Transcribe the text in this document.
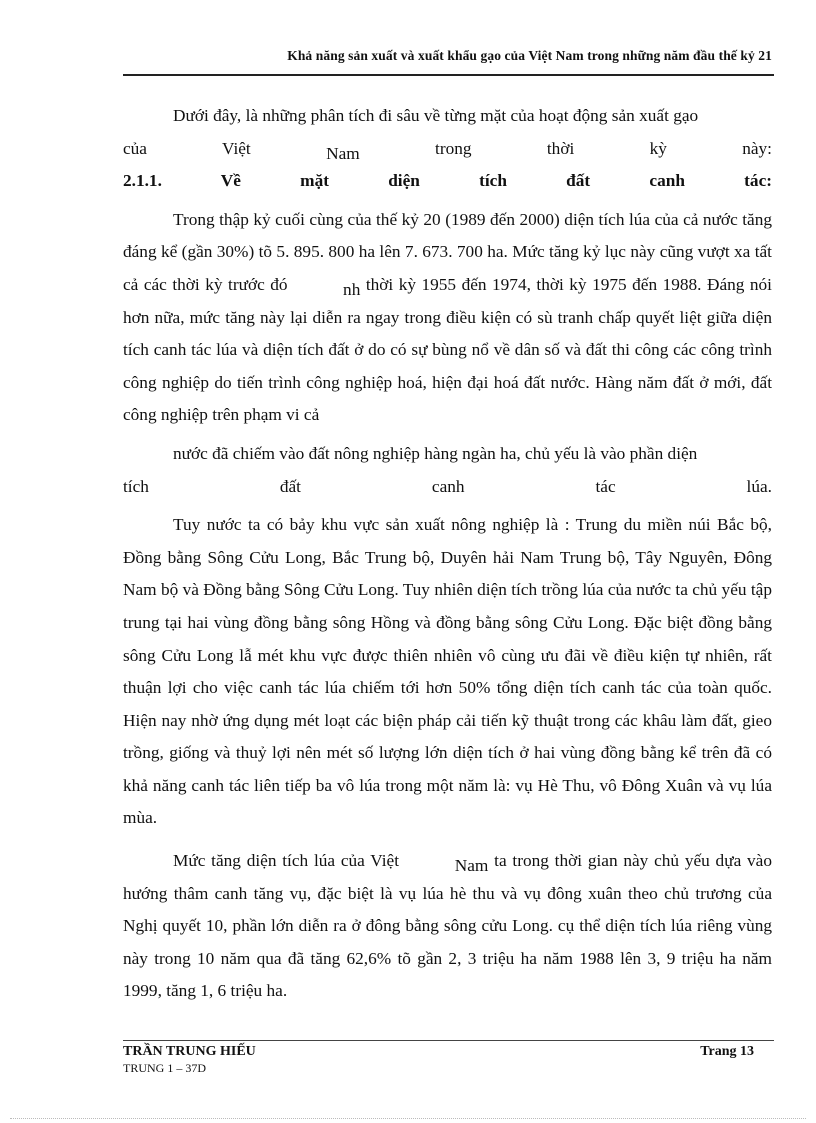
Khả năng sản xuất và xuất khẩu gạo của Việt Nam trong những năm đầu thế kỷ 21

Dưới đây, là những phân tích đi sâu về từng mặt của hoạt động sản xuất gạo

của Việt	Nam	trong thời kỳ này:

2.1.1. Về mặt diện tích đất canh tác:

Trong thập kỷ cuối cùng của thế kỷ 20 (1989 đến 2000) diện tích lúa của cả nước tăng đáng kể (gần 30%) tõ 5. 895. 800 ha lên 7. 673. 700 ha. Mức tăng kỷ lục này cũng vượt xa tất cả các thời kỳ trước đó	nh thời kỳ 1955 đến 1974, thời kỳ 1975 đến 1988. Đáng nói hơn nữa, mức tăng này lại diễn ra ngay trong điều kiện có sù tranh chấp quyết liệt giữa diện tích canh tác lúa và diện tích đất ở do có sự bùng nổ về dân số và đất thi công các công trình công nghiệp do tiến trình công nghiệp hoá, hiện đại hoá đất nước. Hàng năm đất ở mới, đất công nghiệp trên phạm vi cả

nước đã chiếm vào đất nông nghiệp hàng ngàn ha, chủ yếu là vào phần diện

tích đất canh tác lúa.

Tuy nước ta có bảy khu vực sản xuất nông nghiệp là : Trung du miền núi Bắc bộ, Đồng bằng Sông Cửu Long, Bắc Trung bộ, Duyên hải Nam Trung bộ, Tây Nguyên, Đông Nam bộ và Đồng bằng Sông Cửu Long. Tuy nhiên diện tích trồng lúa của nước ta chủ yếu tập trung tại hai vùng đồng bằng sông Hồng và đồng bằng sông Cửu Long. Đặc biệt đồng bằng sông Cửu Long lẫ mét khu vực được thiên nhiên vô cùng ưu đãi về điều kiện tự nhiên, rất thuận lợi cho việc canh tác lúa chiếm tới hơn 50% tổng diện tích canh tác của toàn quốc. Hiện nay nhờ ứng dụng mét loạt các biện pháp cải tiến kỹ thuật trong các khâu làm đất, gieo trồng, giống và thuỷ lợi nên mét số lượng lớn diện tích ở hai vùng đồng bằng kể trên đã có khả năng canh tác liên tiếp ba vô lúa trong một năm là: vụ Hè Thu, vô Đông Xuân và vụ lúa mùa.

Mức tăng diện tích lúa của Việt	Nam ta trong thời gian này chủ yếu dựa vào hướng thâm canh tăng vụ, đặc biệt là vụ lúa hè thu và vụ đông xuân theo chủ trương của Nghị quyết 10, phần lớn diễn ra ở đông bằng sông cửu Long. cụ thể diện tích lúa riêng vùng này trong 10 năm qua đã tăng 62,6% tõ gần 2, 3 triệu ha năm 1988 lên 3, 9 triệu ha năm 1999, tăng 1, 6 triệu ha.

TRẦN TRUNG HIẾU
TRUNG 1 – 37D
Trang 13
